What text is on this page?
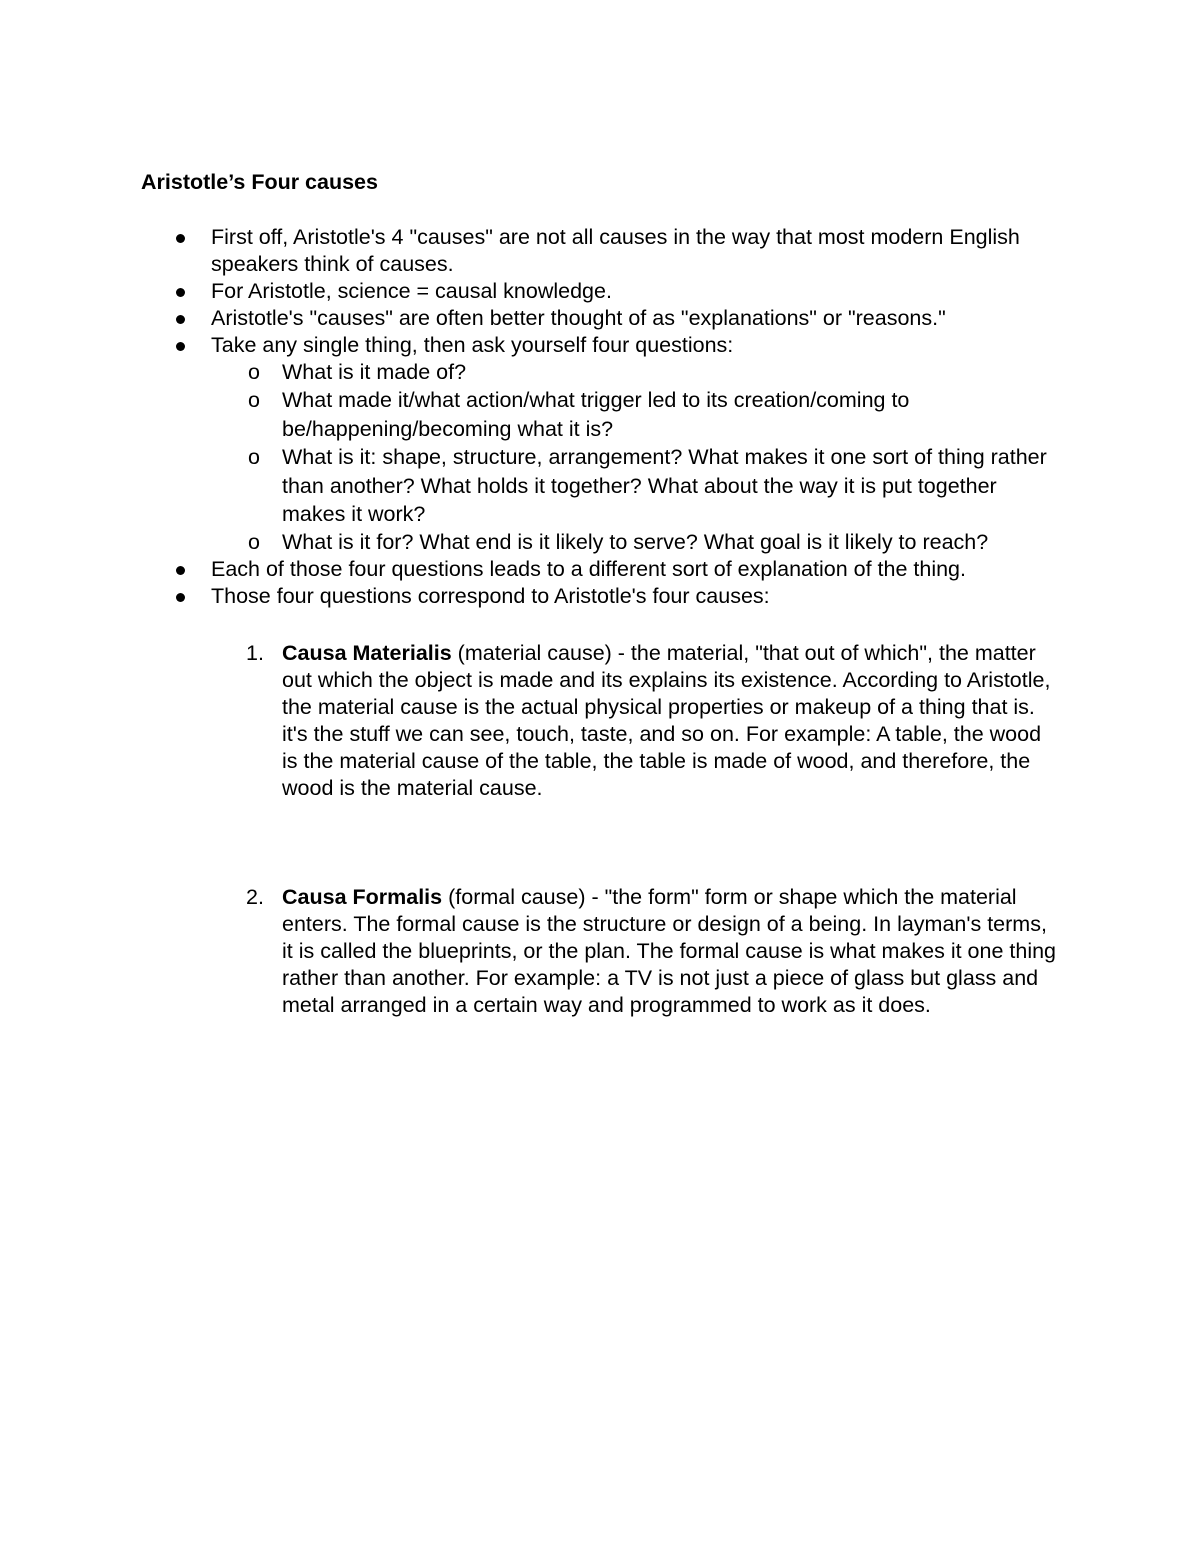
Aristotle’s Four causes
First off, Aristotle's 4 "causes" are not all causes in the way that most modern English speakers think of causes.
For Aristotle, science = causal knowledge.
Aristotle's "causes" are often better thought of as "explanations" or "reasons."
Take any single thing, then ask yourself four questions:
o	What is it made of?
o	What made it/what action/what trigger led to its creation/coming to be/happening/becoming what it is?
o	What is it: shape, structure, arrangement? What makes it one sort of thing rather than another? What holds it together? What about the way it is put together makes it work?
o	What is it for? What end is it likely to serve? What goal is it likely to reach?
Each of those four questions leads to a different sort of explanation of the thing.
Those four questions correspond to Aristotle's four causes:
1. Causa Materialis (material cause) - the material, "that out of which", the matter out which the object is made and its explains its existence. According to Aristotle, the material cause is the actual physical properties or makeup of a thing that is. it's the stuff we can see, touch, taste, and so on. For example: A table, the wood is the material cause of the table, the table is made of wood, and therefore, the wood is the material cause.
2. Causa Formalis (formal cause) - "the form" form or shape which the material enters. The formal cause is the structure or design of a being. In layman's terms, it is called the blueprints, or the plan. The formal cause is what makes it one thing rather than another. For example: a TV is not just a piece of glass but glass and metal arranged in a certain way and programmed to work as it does.
